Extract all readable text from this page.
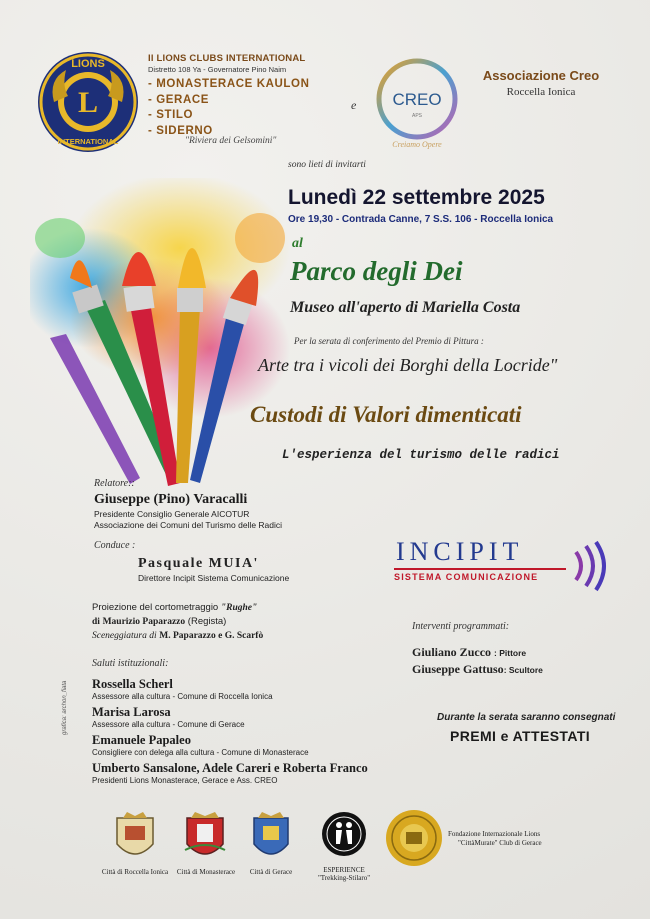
L
LIONS
INTERNATIONAL
Il LIONS CLUBS INTERNATIONAL
Distretto 108 Ya - Governatore Pino Naim
- MONASTERACE KAULON
- GERACE
- STILO
- SIDERNO
"Riviera dei Gelsomini"
e CREO
APS
Creiamo Opere
Associazione Creo
Roccella Ionica
sono lieti di invitarti
Lunedì 22 settembre 2025
Ore 19,30 - Contrada Canne, 7 S.S. 106 - Roccella Ionica
al
Parco degli Dei
Museo all'aperto di Mariella Costa
Per la serata di conferimento del Premio di Pittura :
Arte tra i vicoli dei Borghi della Locride"
Custodi di Valori dimenticati
L'esperienza del turismo delle radici
Relatore::
Giuseppe (Pino) Varacalli
Presidente Consiglio Generale AICOTUR
Associazione dei Comuni del Turismo delle Radici
Conduce :
Pasquale MUIA'
Direttore Incipit Sistema Comunicazione
INCIPIT
SISTEMA COMUNICAZIONE
Proiezione del cortometraggio "Rughe"
di Maurizio Paparazzo (Regista)
Sceneggiatura di M. Paparazzo e G. Scarfò
Interventi programmati:
Giuliano Zucco : Pittore
Giuseppe Gattuso: Scultore
Saluti istituzionali:
Rossella Scherl
Assessore alla cultura - Comune di Roccella Ionica
Marisa Larosa
Assessore alla cultura - Comune di Gerace
Emanuele Papaleo
Consigliere con delega alla cultura - Comune di Monasterace
Umberto Sansalone, Adele Careri e Roberta Franco
Presidenti Lions Monasterace, Gerace e Ass. CREO
Durante la serata saranno consegnati
PREMI e ATTESTATI
grafica: archon_fiata
Città di Roccella Ionica	Città di Monasterace	Città di Gerace	ESPERIENCE
"Trekking-Stilaro"
Fondazione Internazionale Lions
"CittàMurate" Club di Gerace
